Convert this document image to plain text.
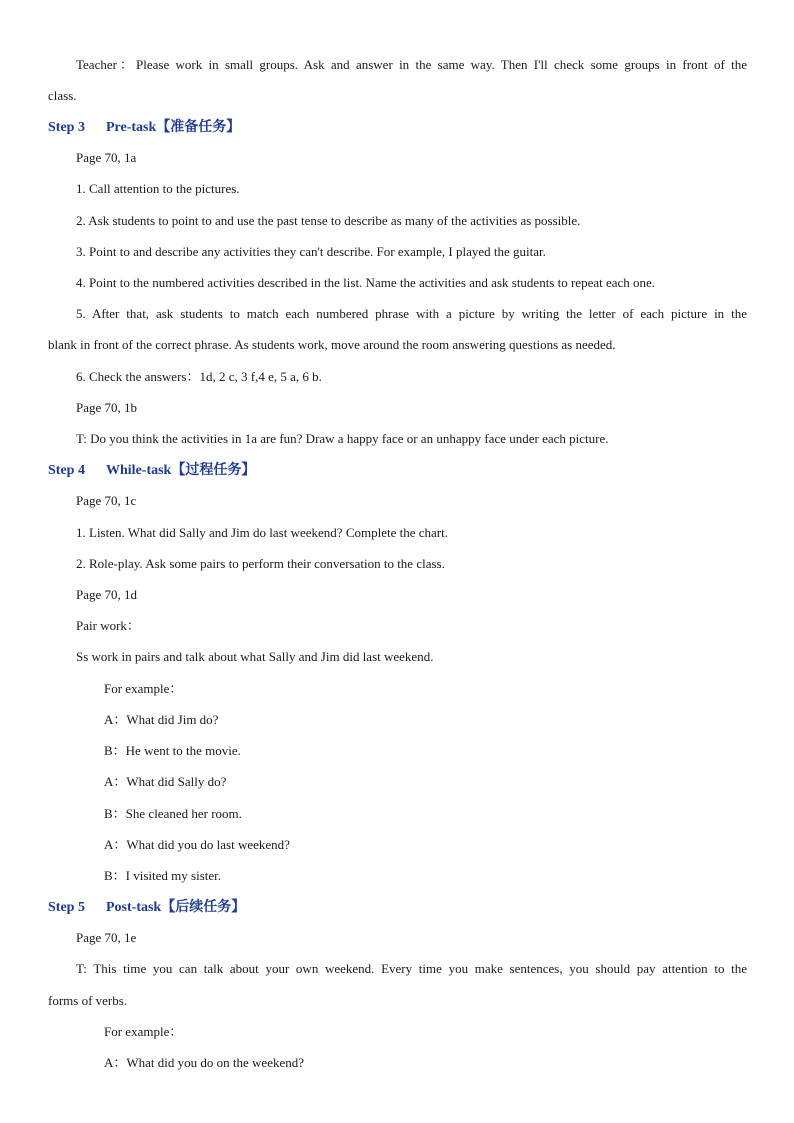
Teacher：Please work in small groups. Ask and answer in the same way. Then I'll check some groups in front of the

class.

Step 3 Pre-task【准备任务】

Page 70, 1a

1. Call attention to the pictures.

2. Ask students to point to and use the past tense to describe as many of the activities as possible.

3. Point to and describe any activities they can't describe. For example, I played the guitar.

4. Point to the numbered activities described in the list. Name the activities and ask students to repeat each one.

5. After that, ask students to match each numbered phrase with a picture by writing the letter of each picture in the

blank in front of the correct phrase. As students work, move around the room answering questions as needed.

6. Check the answers：1d, 2 c, 3 f,4 e, 5 a, 6 b.

Page 70, 1b

T: Do you think the activities in 1a are fun? Draw a happy face or an unhappy face under each picture.

Step 4 While-task【过程任务】

Page 70, 1c

1. Listen. What did Sally and Jim do last weekend? Complete the chart.

2. Role-play. Ask some pairs to perform their conversation to the class.

Page 70, 1d

Pair work：

Ss work in pairs and talk about what Sally and Jim did last weekend.

For example：

A：What did Jim do?

B：He went to the movie.

A：What did Sally do?

B：She cleaned her room.

A：What did you do last weekend?

B：I visited my sister.

Step 5 Post-task【后续任务】

Page 70, 1e

T: This time you can talk about your own weekend. Every time you make sentences, you should pay attention to the

forms of verbs.

For example：

A：What did you do on the weekend?
